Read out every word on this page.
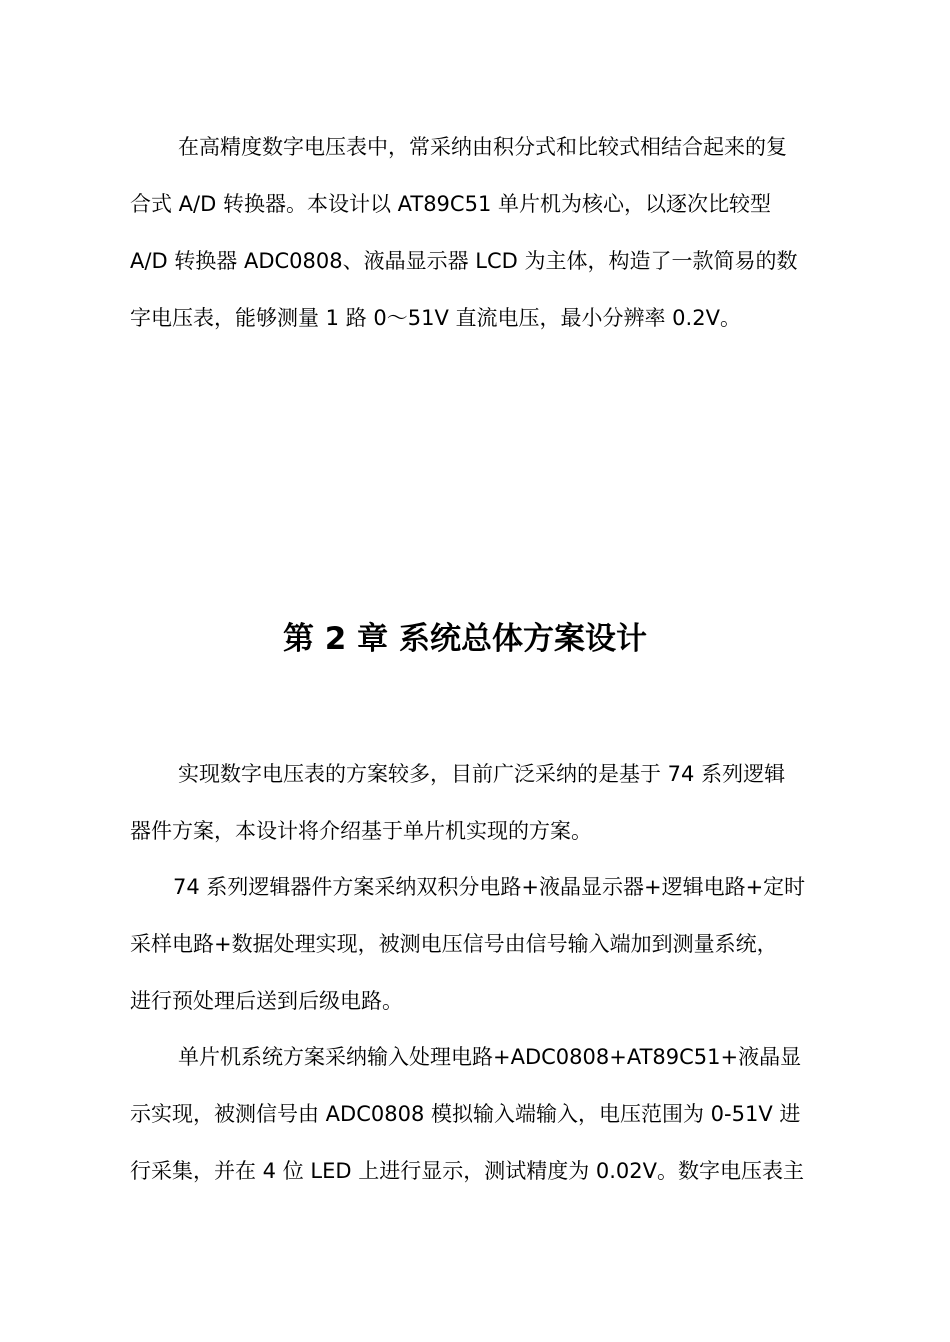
在高精度数字电压表中，常采纳由积分式和比较式相结合起来的复
合式 A/D 转换器。本设计以 AT89C51 单片机为核心，以逐次比较型
A/D 转换器 ADC0808、液晶显示器 LCD 为主体，构造了一款简易的数
字电压表，能够测量 1 路 0～51V 直流电压，最小分辨率 0.2V。
第 2 章 系统总体方案设计
实现数字电压表的方案较多，目前广泛采纳的是基于 74 系列逻辑
器件方案，本设计将介绍基于单片机实现的方案。
74 系列逻辑器件方案采纳双积分电路+液晶显示器+逻辑电路+定时
采样电路+数据处理实现，被测电压信号由信号输入端加到测量系统，
进行预处理后送到后级电路。
单片机系统方案采纳输入处理电路+ADC0808+AT89C51+液晶显
示实现，被测信号由 ADC0808 模拟输入端输入，电压范围为 0-51V 进
行采集，并在 4 位 LED 上进行显示，测试精度为 0.02V。数字电压表主
